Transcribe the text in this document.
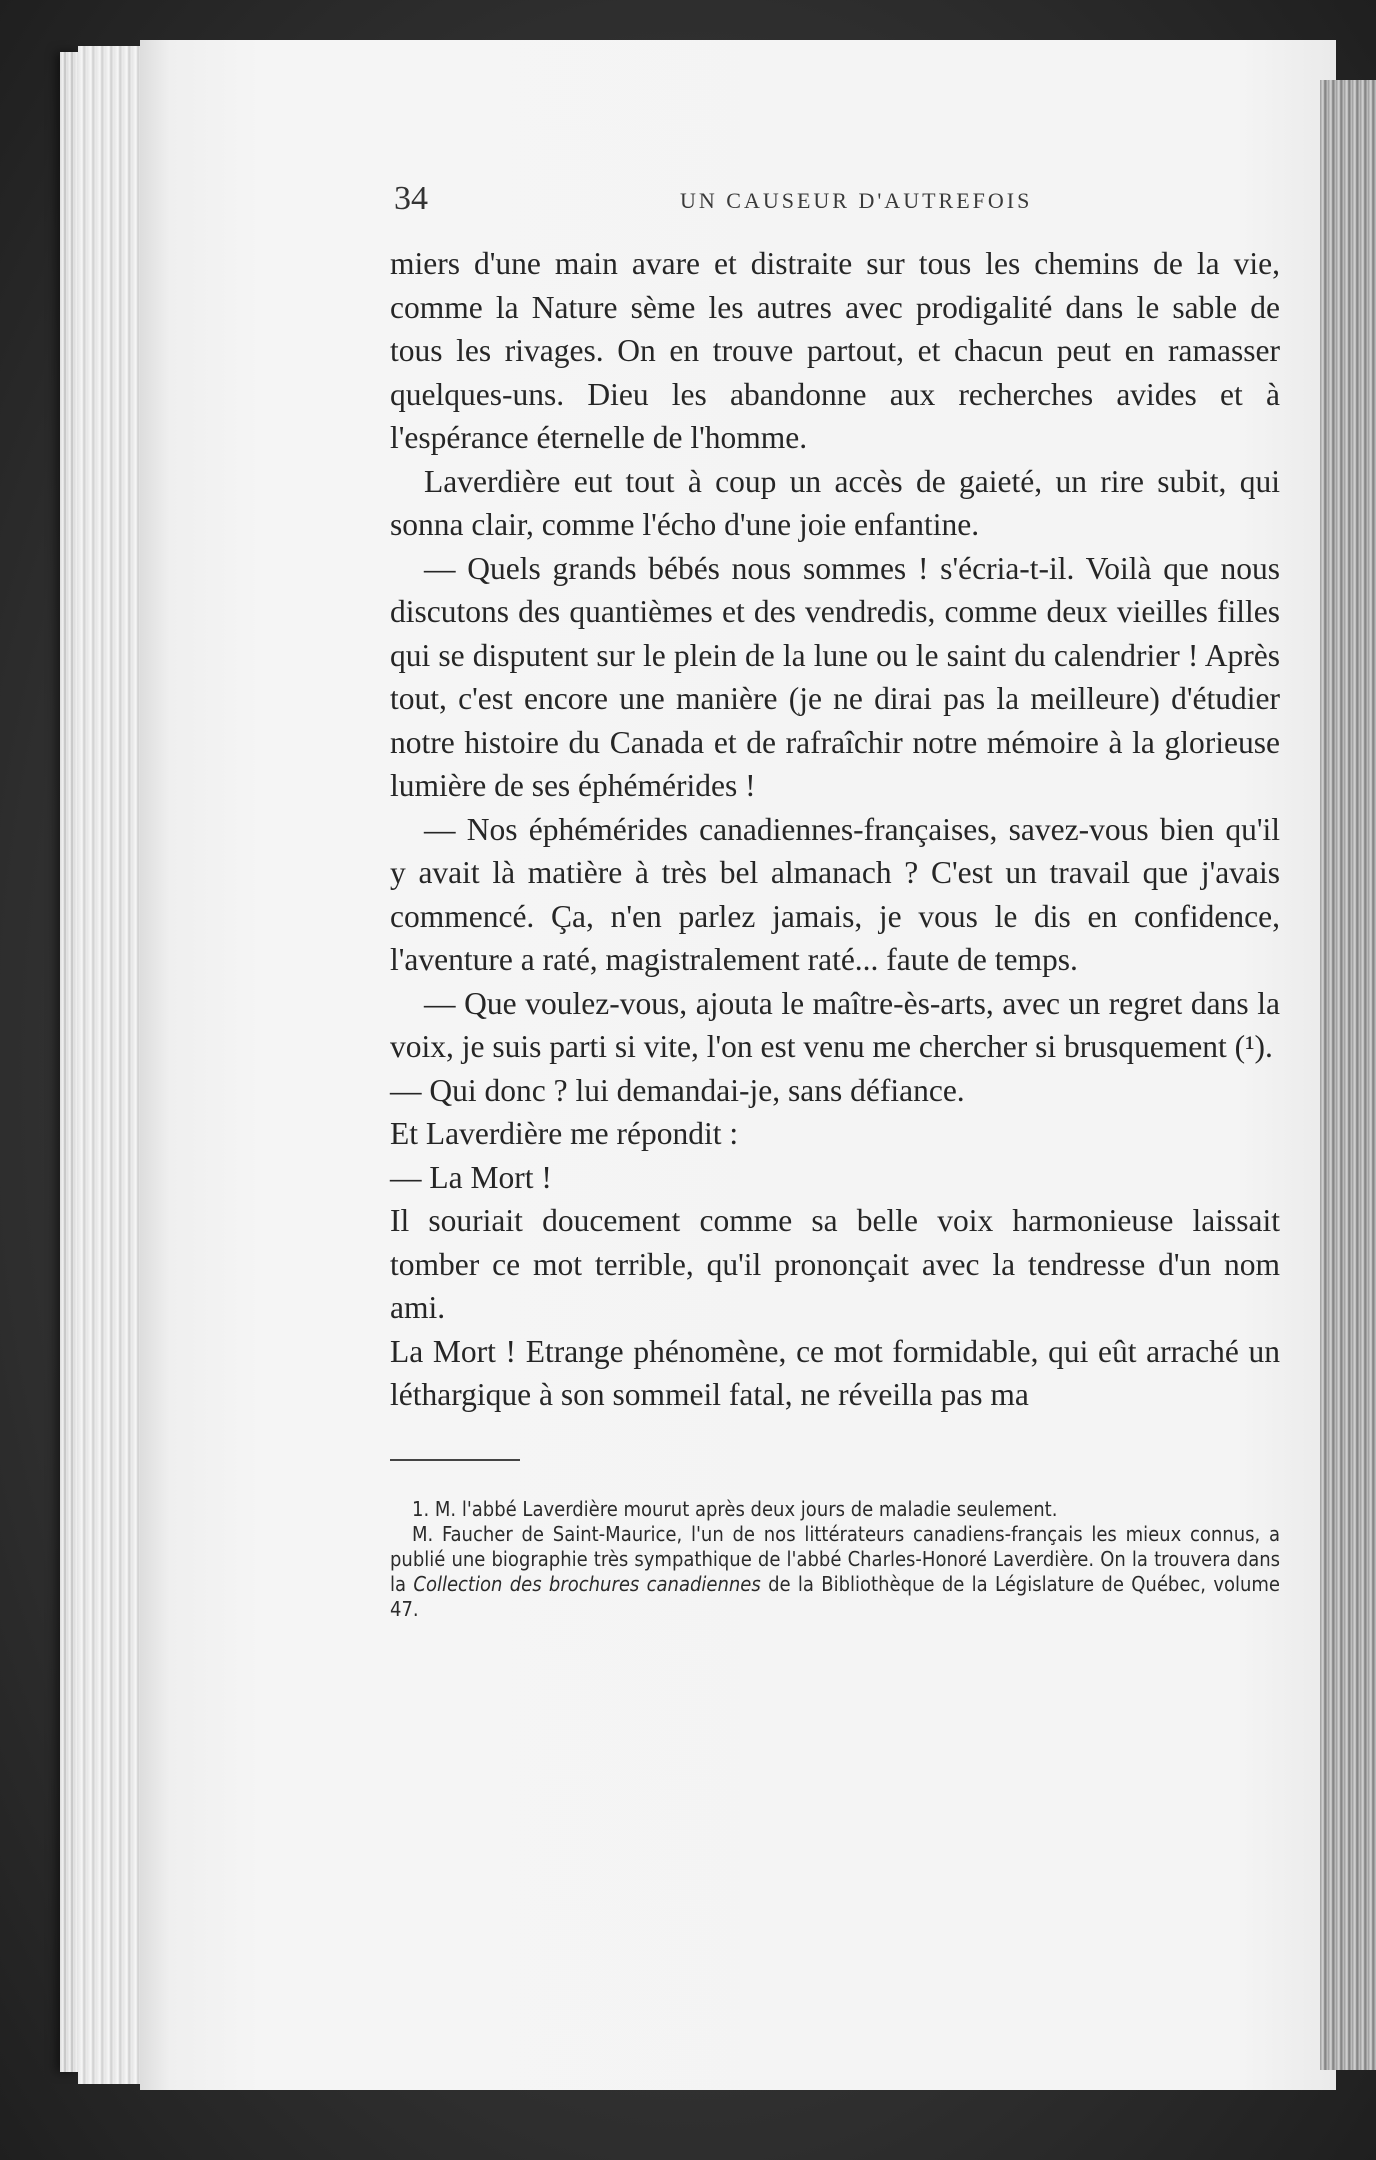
34	UN CAUSEUR D'AUTREFOIS

miers d'une main avare et distraite sur tous les chemins de la vie, comme la Nature sème les autres avec prodigalité dans le sable de tous les rivages. On en trouve partout, et chacun peut en ramasser quelques-uns. Dieu les abandonne aux recherches avides et à l'espérance éternelle de l'homme.

Laverdière eut tout à coup un accès de gaieté, un rire subit, qui sonna clair, comme l'écho d'une joie enfantine.

— Quels grands bébés nous sommes ! s'écria-t-il. Voilà que nous discutons des quantièmes et des vendredis, comme deux vieilles filles qui se disputent sur le plein de la lune ou le saint du calendrier ! Après tout, c'est encore une manière (je ne dirai pas la meilleure) d'étudier notre histoire du Canada et de rafraîchir notre mémoire à la glorieuse lumière de ses éphémérides !

— Nos éphémérides canadiennes-françaises, savez-vous bien qu'il y avait là matière à très bel almanach ? C'est un travail que j'avais commencé. Ça, n'en parlez jamais, je vous le dis en confidence, l'aventure a raté, magistralement raté... faute de temps.

— Que voulez-vous, ajouta le maître-ès-arts, avec un regret dans la voix, je suis parti si vite, l'on est venu me chercher si brusquement (¹).

— Qui donc ? lui demandai-je, sans défiance.

Et Laverdière me répondit :

— La Mort !

Il souriait doucement comme sa belle voix harmonieuse laissait tomber ce mot terrible, qu'il prononçait avec la tendresse d'un nom ami.

La Mort ! Etrange phénomène, ce mot formidable, qui eût arraché un léthargique à son sommeil fatal, ne réveilla pas ma

1. M. l'abbé Laverdière mourut après deux jours de maladie seulement.

M. Faucher de Saint-Maurice, l'un de nos littérateurs canadiens-français les mieux connus, a publié une biographie très sympathique de l'abbé Charles-Honoré Laverdière. On la trouvera dans la Collection des brochures canadiennes de la Bibliothèque de la Législature de Québec, volume 47.
